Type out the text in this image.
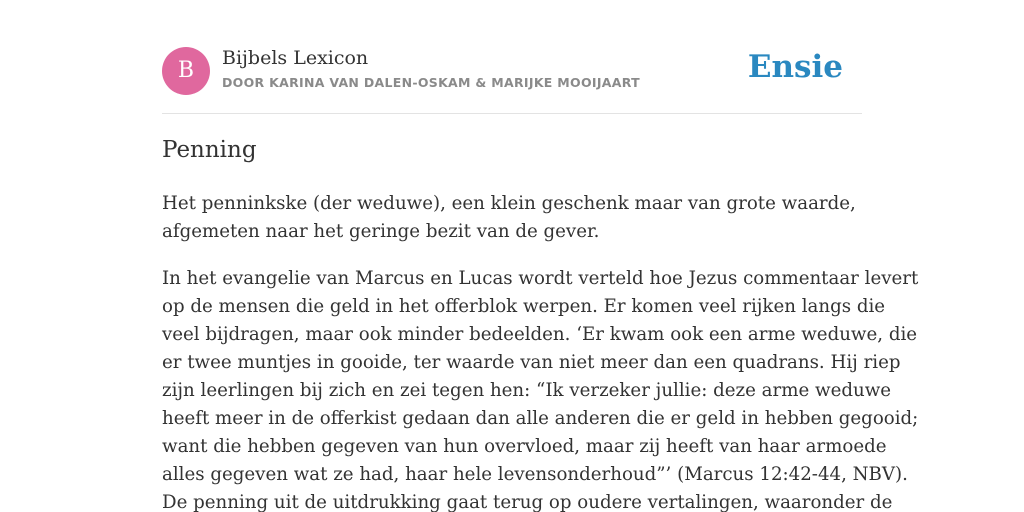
B	Bijbels Lexicon
DOOR KARINA VAN DALEN-OSKAM & MARIJKE MOOIJAART	Ensie
Penning

Het penninkske (der weduwe), een klein geschenk maar van grote waarde,
afgemeten naar het geringe bezit van de gever.

In het evangelie van Marcus en Lucas wordt verteld hoe Jezus commentaar levert
op de mensen die geld in het offerblok werpen. Er komen veel rijken langs die
veel bijdragen, maar ook minder bedeelden. ‘Er kwam ook een arme weduwe, die
er twee muntjes in gooide, ter waarde van niet meer dan een quadrans. Hij riep
zijn leerlingen bij zich en zei tegen hen: “Ik verzeker jullie: deze arme weduwe
heeft meer in de offerkist gedaan dan alle anderen die er geld in hebben gegooid;
want die hebben gegeven van hun overvloed, maar zij heeft van haar armoede
alles gegeven wat ze had, haar hele levensonderhoud”’ (Marcus 12:42-44, NBV).
De penning uit de uitdrukking gaat terug op oudere vertalingen, waaronder de
